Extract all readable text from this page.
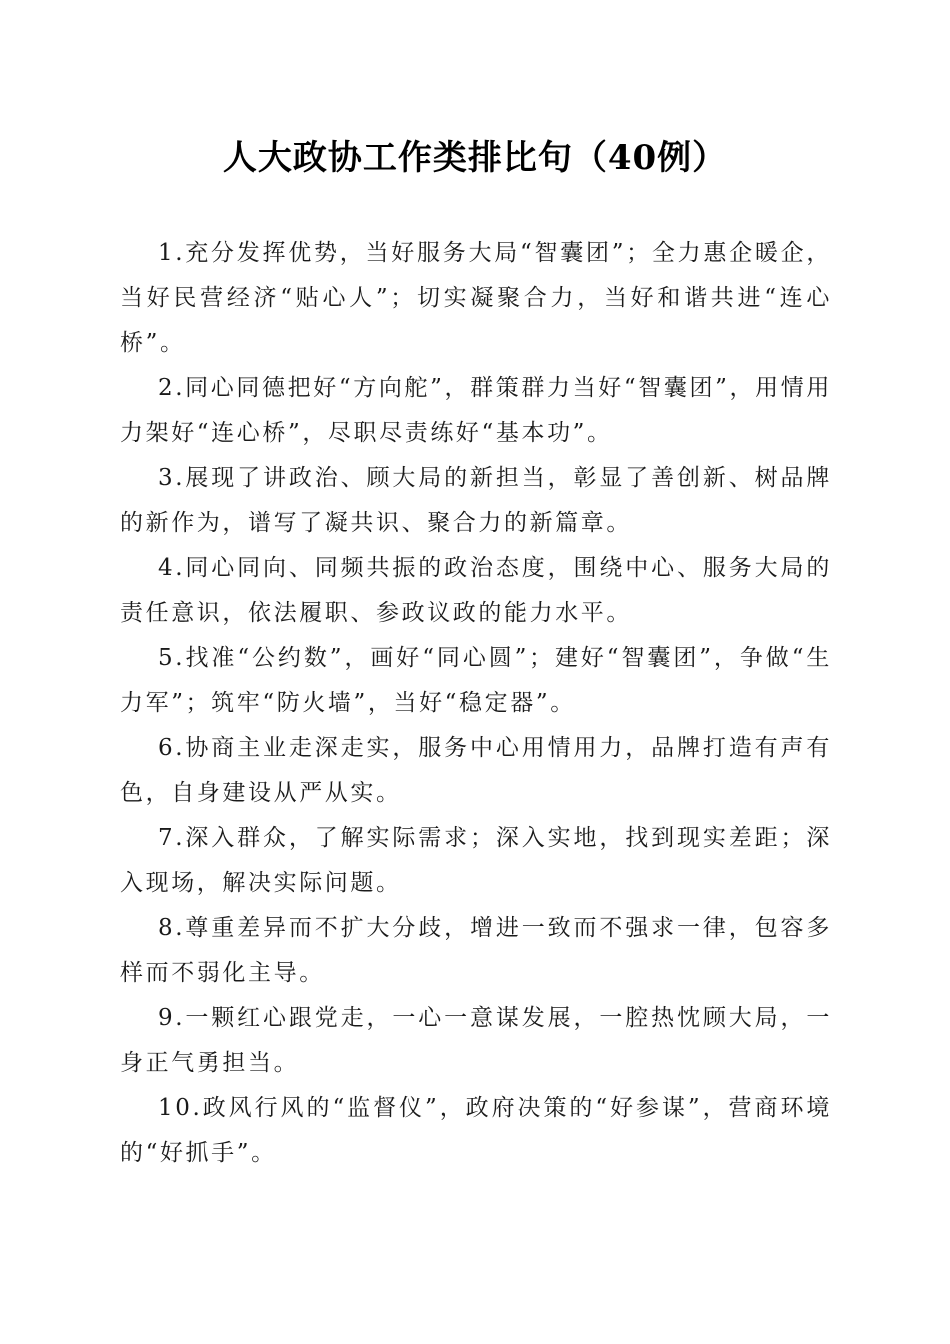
人大政协工作类排比句（40例）

1.充分发挥优势，当好服务大局“智囊团”；全力惠企暖企，当好民营经济“贴心人”；切实凝聚合力，当好和谐共进“连心桥”。

2.同心同德把好“方向舵”，群策群力当好“智囊团”，用情用力架好“连心桥”，尽职尽责练好“基本功”。

3.展现了讲政治、顾大局的新担当，彰显了善创新、树品牌的新作为，谱写了凝共识、聚合力的新篇章。

4.同心同向、同频共振的政治态度，围绕中心、服务大局的责任意识，依法履职、参政议政的能力水平。

5.找准“公约数”，画好“同心圆”；建好“智囊团”，争做“生力军”；筑牢“防火墙”，当好“稳定器”。

6.协商主业走深走实，服务中心用情用力，品牌打造有声有色，自身建设从严从实。

7.深入群众，了解实际需求；深入实地，找到现实差距；深入现场，解决实际问题。

8.尊重差异而不扩大分歧，增进一致而不强求一律，包容多样而不弱化主导。

9.一颗红心跟党走，一心一意谋发展，一腔热忱顾大局，一身正气勇担当。

10.政风行风的“监督仪”，政府决策的“好参谋”，营商环境的“好抓手”。
